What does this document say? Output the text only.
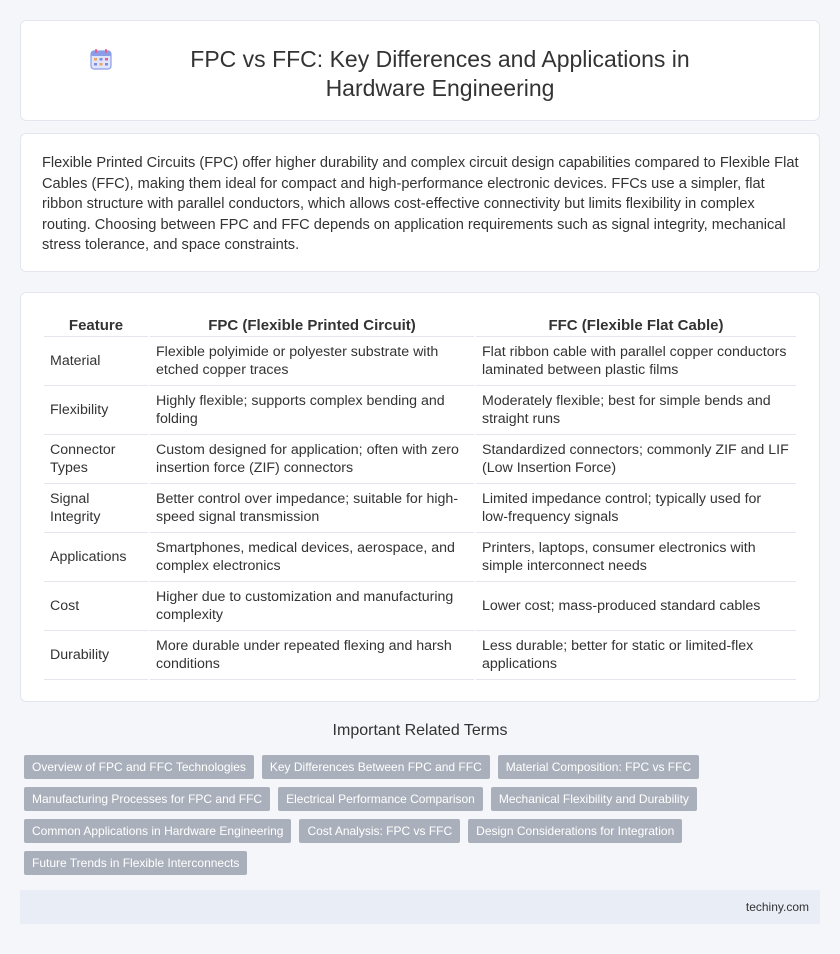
FPC vs FFC: Key Differences and Applications in Hardware Engineering

Flexible Printed Circuits (FPC) offer higher durability and complex circuit design capabilities compared to Flexible Flat Cables (FFC), making them ideal for compact and high-performance electronic devices. FFCs use a simpler, flat ribbon structure with parallel conductors, which allows cost-effective connectivity but limits flexibility in complex routing. Choosing between FPC and FFC depends on application requirements such as signal integrity, mechanical stress tolerance, and space constraints.

Feature	FPC (Flexible Printed Circuit)	FFC (Flexible Flat Cable)
Material	Flexible polyimide or polyester substrate with etched copper traces	Flat ribbon cable with parallel copper conductors laminated between plastic films
Flexibility	Highly flexible; supports complex bending and folding	Moderately flexible; best for simple bends and straight runs
Connector Types	Custom designed for application; often with zero insertion force (ZIF) connectors	Standardized connectors; commonly ZIF and LIF (Low Insertion Force)
Signal Integrity	Better control over impedance; suitable for high-speed signal transmission	Limited impedance control; typically used for low-frequency signals
Applications	Smartphones, medical devices, aerospace, and complex electronics	Printers, laptops, consumer electronics with simple interconnect needs
Cost	Higher due to customization and manufacturing complexity	Lower cost; mass-produced standard cables
Durability	More durable under repeated flexing and harsh conditions	Less durable; better for static or limited-flex applications
Important Related Terms
Overview of FPC and FFC Technologies	Key Differences Between FPC and FFC	Material Composition: FPC vs FFC
Manufacturing Processes for FPC and FFC	Electrical Performance Comparison	Mechanical Flexibility and Durability
Common Applications in Hardware Engineering	Cost Analysis: FPC vs FFC	Design Considerations for Integration
Future Trends in Flexible Interconnects
techiny.com
